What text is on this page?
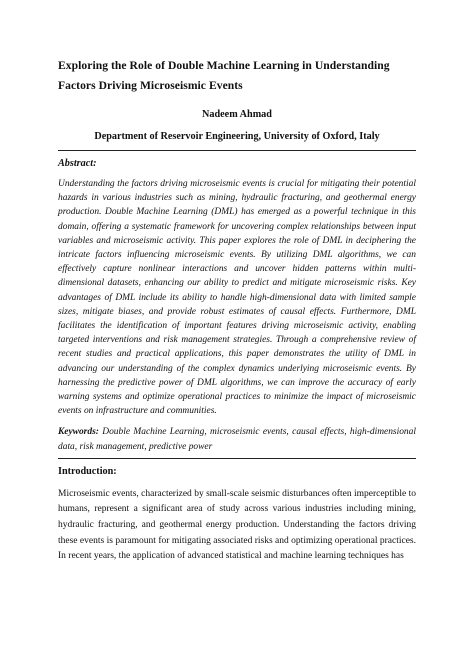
Exploring the Role of Double Machine Learning in Understanding Factors Driving Microseismic Events
Nadeem Ahmad
Department of Reservoir Engineering, University of Oxford, Italy
Abstract:

Understanding the factors driving microseismic events is crucial for mitigating their potential hazards in various industries such as mining, hydraulic fracturing, and geothermal energy production. Double Machine Learning (DML) has emerged as a powerful technique in this domain, offering a systematic framework for uncovering complex relationships between input variables and microseismic activity. This paper explores the role of DML in deciphering the intricate factors influencing microseismic events. By utilizing DML algorithms, we can effectively capture nonlinear interactions and uncover hidden patterns within multi-dimensional datasets, enhancing our ability to predict and mitigate microseismic risks. Key advantages of DML include its ability to handle high-dimensional data with limited sample sizes, mitigate biases, and provide robust estimates of causal effects. Furthermore, DML facilitates the identification of important features driving microseismic activity, enabling targeted interventions and risk management strategies. Through a comprehensive review of recent studies and practical applications, this paper demonstrates the utility of DML in advancing our understanding of the complex dynamics underlying microseismic events. By harnessing the predictive power of DML algorithms, we can improve the accuracy of early warning systems and optimize operational practices to minimize the impact of microseismic events on infrastructure and communities.

Keywords: Double Machine Learning, microseismic events, causal effects, high-dimensional data, risk management, predictive power

Introduction:

Microseismic events, characterized by small-scale seismic disturbances often imperceptible to humans, represent a significant area of study across various industries including mining, hydraulic fracturing, and geothermal energy production. Understanding the factors driving these events is paramount for mitigating associated risks and optimizing operational practices. In recent years, the application of advanced statistical and machine learning techniques has
